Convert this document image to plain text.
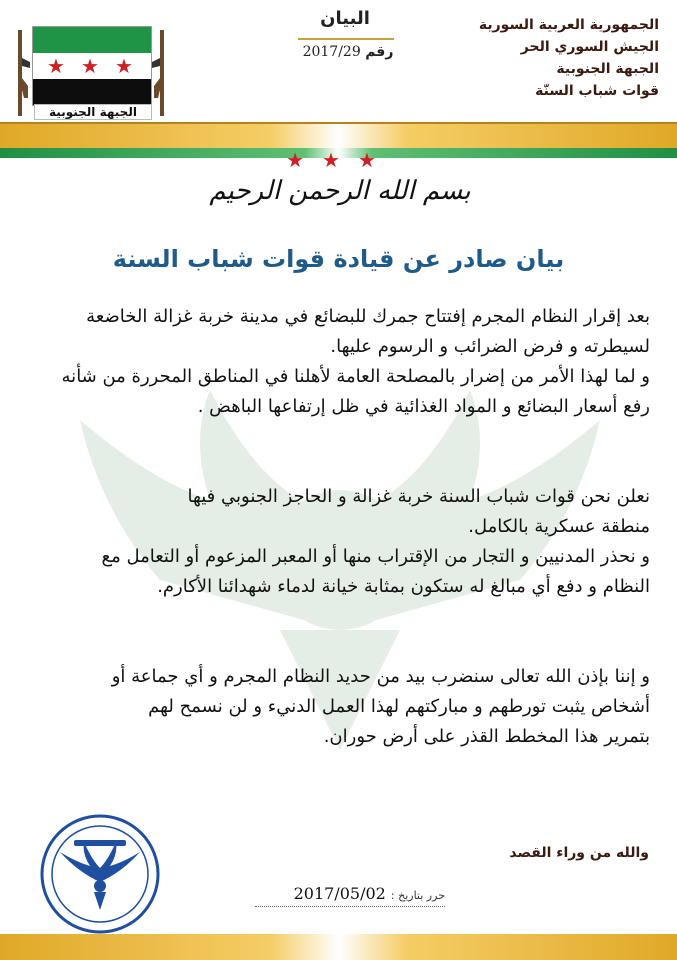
الجمهورية العربية السورية
الجيش السوري الحر
الجبهة الجنوبية
قوات شباب السنّة
البيان
رقم 2017/29
★ ★ ★
الجبهة الجنوبية
★★★
بسم الله الرحمن الرحيم
بيان صادر عن قيادة قوات شباب السنة

بعد إقرار النظام المجرم إفتتاح جمرك للبضائع في مدينة خربة غزالة الخاضعة

لسيطرته و فرض الضرائب و الرسوم عليها.

و لما لهذا الأمر من إضرار بالمصلحة العامة لأهلنا في المناطق المحررة من شأنه

رفع أسعار البضائع و المواد الغذائية في ظل إرتفاعها الباهض .

نعلن نحن قوات شباب السنة خربة غزالة و الحاجز الجنوبي فيها

منطقة عسكرية بالكامل.

و نحذر المدنيين و التجار من الإقتراب منها أو المعبر المزعوم أو التعامل مع

النظام و دفع أي مبالغ له ستكون بمثابة خيانة لدماء شهدائنا الأكارم.

و إننا بإذن الله تعالى سنضرب بيد من حديد النظام المجرم و أي جماعة أو

أشخاص يثبت تورطهم و مباركتهم لهذا العمل الدنيء و لن نسمح لهم

بتمرير هذا المخطط القذر على أرض حوران.

والله من وراء القصد
حرر بتاريخ : 2017/05/02
